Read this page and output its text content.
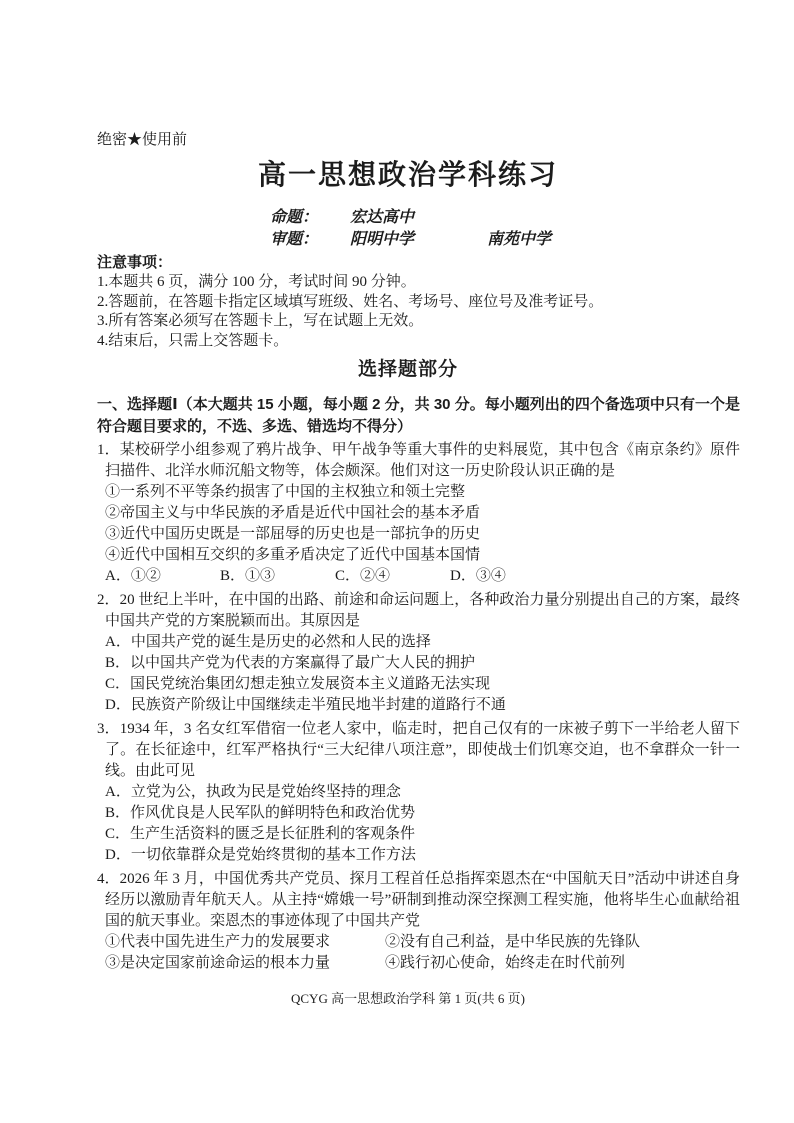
绝密★使用前
高一思想政治学科练习
命题：	宏达高中
审题：	阳明中学	南苑中学
注意事项：
1.本题共 6 页，满分 100 分，考试时间 90 分钟。
2.答题前，在答题卡指定区域填写班级、姓名、考场号、座位号及准考证号。
3.所有答案必须写在答题卡上，写在试题上无效。
4.结束后，只需上交答题卡。
选择题部分
一、选择题Ⅰ（本大题共 15 小题，每小题 2 分，共 30 分。每小题列出的四个备选项中只有一个是符合题目要求的，不选、多选、错选均不得分）

1．某校研学小组参观了鸦片战争、甲午战争等重大事件的史料展览，其中包含《南京条约》原件扫描件、北洋水师沉船文物等，体会颇深。他们对这一历史阶段认识正确的是

①一系列不平等条约损害了中国的主权独立和领土完整
②帝国主义与中华民族的矛盾是近代中国社会的基本矛盾
③近代中国历史既是一部屈辱的历史也是一部抗争的历史
④近代中国相互交织的多重矛盾决定了近代中国基本国情
A．①②	B．①③	C．②④	D．③④

2．20 世纪上半叶，在中国的出路、前途和命运问题上，各种政治力量分别提出自己的方案，最终中国共产党的方案脱颖而出。其原因是

A．中国共产党的诞生是历史的必然和人民的选择
B．以中国共产党为代表的方案赢得了最广大人民的拥护
C．国民党统治集团幻想走独立发展资本主义道路无法实现
D．民族资产阶级让中国继续走半殖民地半封建的道路行不通

3．1934 年，3 名女红军借宿一位老人家中，临走时，把自己仅有的一床被子剪下一半给老人留下了。在长征途中，红军严格执行“三大纪律八项注意”，即使战士们饥寒交迫，也不拿群众一针一线。由此可见

A．立党为公，执政为民是党始终坚持的理念
B．作风优良是人民军队的鲜明特色和政治优势
C．生产生活资料的匮乏是长征胜利的客观条件
D．一切依靠群众是党始终贯彻的基本工作方法

4．2026 年 3 月，中国优秀共产党员、探月工程首任总指挥栾恩杰在“中国航天日”活动中讲述自身经历以激励青年航天人。从主持“嫦娥一号”研制到推动深空探测工程实施，他将毕生心血献给祖国的航天事业。栾恩杰的事迹体现了中国共产党

①代表中国先进生产力的发展要求	②没有自己利益，是中华民族的先锋队
③是决定国家前途命运的根本力量	④践行初心使命，始终走在时代前列
QCYG 高一思想政治学科 第 1 页(共 6 页)
